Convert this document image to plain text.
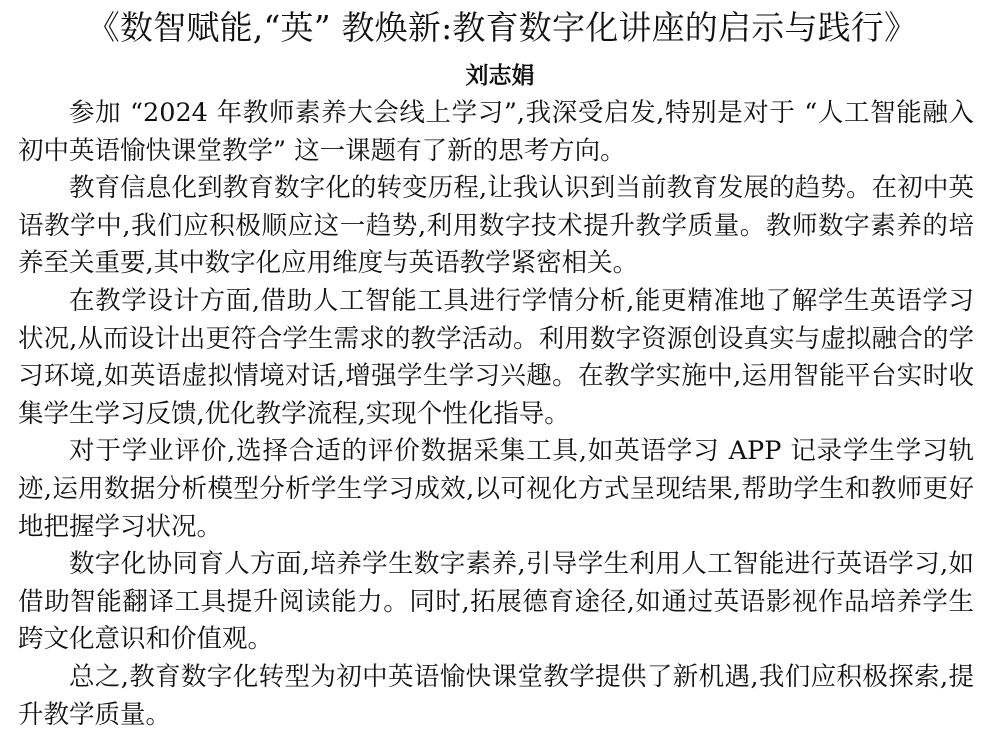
《数智赋能,“英” 教焕新:教育数字化讲座的启示与践行》

刘志娟

参加 “2024 年教师素养大会线上学习”,我深受启发,特别是对于 “人工智能融入初中英语愉快课堂教学” 这一课题有了新的思考方向。

教育信息化到教育数字化的转变历程,让我认识到当前教育发展的趋势。在初中英语教学中,我们应积极顺应这一趋势,利用数字技术提升教学质量。教师数字素养的培养至关重要,其中数字化应用维度与英语教学紧密相关。

在教学设计方面,借助人工智能工具进行学情分析,能更精准地了解学生英语学习状况,从而设计出更符合学生需求的教学活动。利用数字资源创设真实与虚拟融合的学习环境,如英语虚拟情境对话,增强学生学习兴趣。在教学实施中,运用智能平台实时收集学生学习反馈,优化教学流程,实现个性化指导。

对于学业评价,选择合适的评价数据采集工具,如英语学习 APP 记录学生学习轨迹,运用数据分析模型分析学生学习成效,以可视化方式呈现结果,帮助学生和教师更好地把握学习状况。

数字化协同育人方面,培养学生数字素养,引导学生利用人工智能进行英语学习,如借助智能翻译工具提升阅读能力。同时,拓展德育途径,如通过英语影视作品培养学生跨文化意识和价值观。

总之,教育数字化转型为初中英语愉快课堂教学提供了新机遇,我们应积极探索,提升教学质量。
